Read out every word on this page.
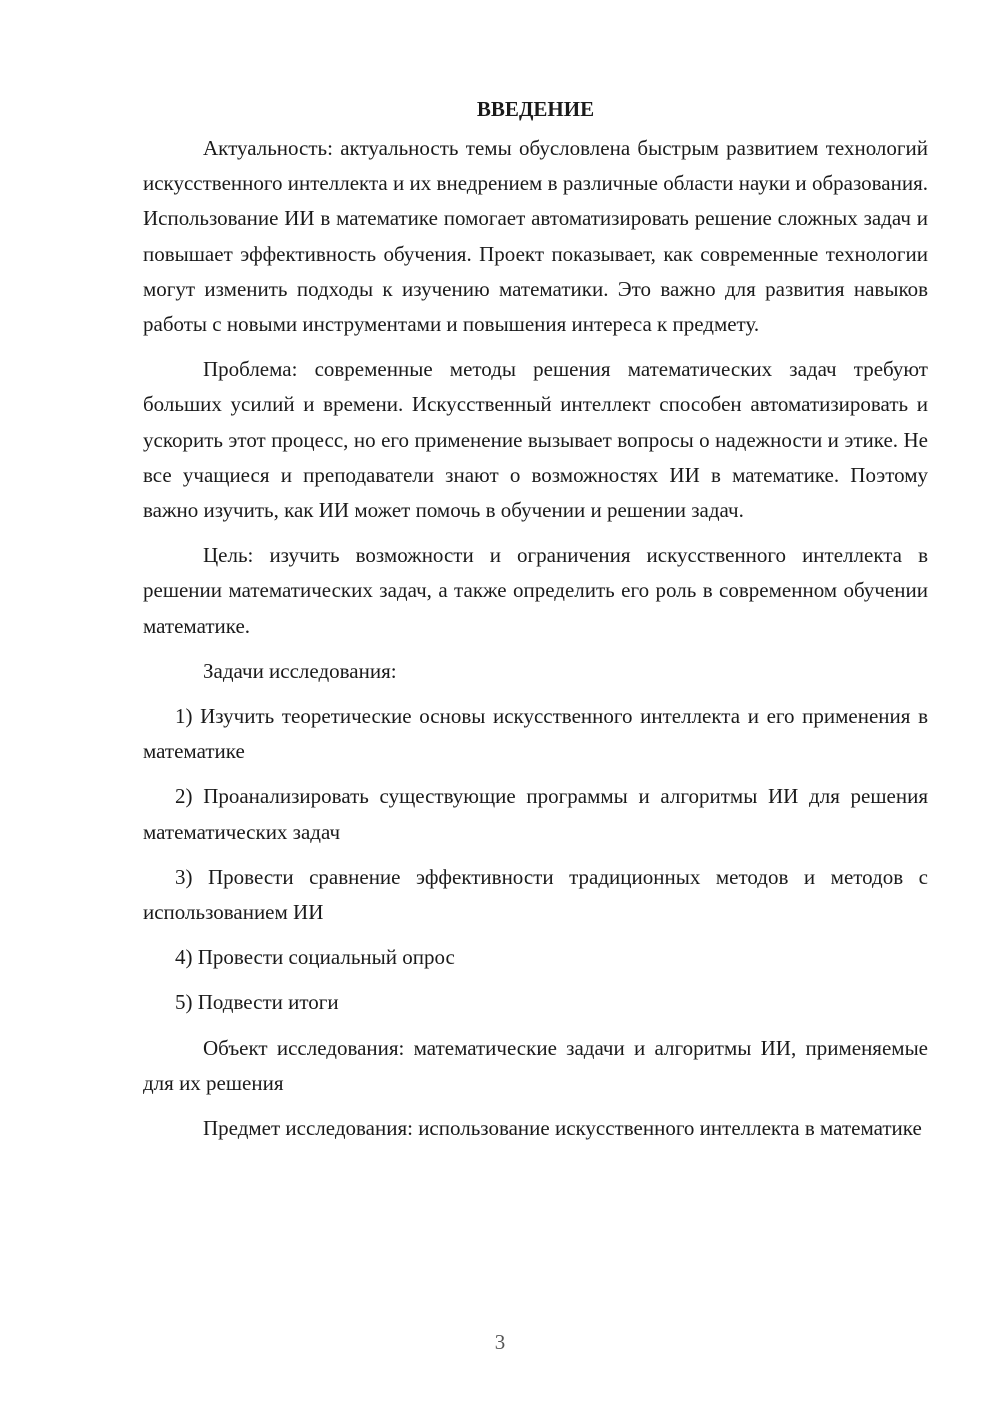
ВВЕДЕНИЕ

Актуальность: актуальность темы обусловлена быстрым развитием технологий искусственного интеллекта и их внедрением в различные области науки и образования. Использование ИИ в математике помогает автоматизировать решение сложных задач и повышает эффективность обучения. Проект показывает, как современные технологии могут изменить подходы к изучению математики. Это важно для развития навыков работы с новыми инструментами и повышения интереса к предмету.

Проблема: современные методы решения математических задач требуют больших усилий и времени. Искусственный интеллект способен автоматизировать и ускорить этот процесс, но его применение вызывает вопросы о надежности и этике. Не все учащиеся и преподаватели знают о возможностях ИИ в математике. Поэтому важно изучить, как ИИ может помочь в обучении и решении задач.

Цель: изучить возможности и ограничения искусственного интеллекта в решении математических задач, а также определить его роль в современном обучении математике.

Задачи исследования:

1) Изучить теоретические основы искусственного интеллекта и его применения в математике

2) Проанализировать существующие программы и алгоритмы ИИ для решения математических задач

3) Провести сравнение эффективности традиционных методов и методов с использованием ИИ

4) Провести социальный опрос

5) Подвести итоги

Объект исследования: математические задачи и алгоритмы ИИ, применяемые для их решения

Предмет исследования: использование искусственного интеллекта в математике

3
